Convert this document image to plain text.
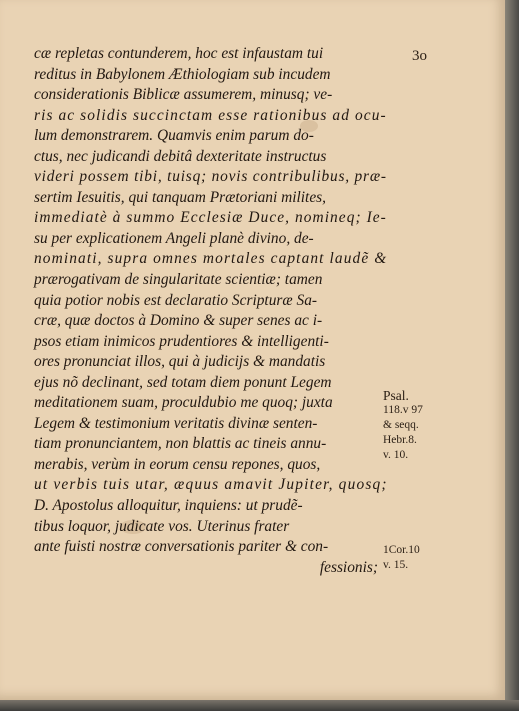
3o
cæ repletas contunderem, hoc est infaustam tui
reditus in Babylonem Æthiologiam sub incudem
considerationis Biblicæ assumerem, minusq; ve-
ris ac solidis succinctam esse rationibus ad ocu-
lum demonstrarem. Quamvis enim parum do-
ctus, nec judicandi debitâ dexteritate instructus
videri possem tibi, tuisq; novis contribulibus, præ-
sertim Iesuitis, qui tanquam Prætoriani milites,
immediatè à summo Ecclesiæ Duce, nomineq; Ie-
su per explicationem Angeli planè divino, de-
nominati, supra omnes mortales captant laudẽ &
prærogativam de singularitate scientiæ; tamen
quia potior nobis est declaratio Scripturæ Sa-
cræ, quæ doctos à Domino & super senes ac i-
psos etiam inimicos prudentiores & intelligenti-
ores pronunciat illos, qui à judicijs & mandatis
ejus nõ declinant, sed totam diem ponunt Legem
meditationem suam, proculdubio me quoq; juxta
Legem & testimonium veritatis divinæ senten-
tiam pronunciantem, non blattis ac tineis annu-
merabis, verùm in eorum censu repones, quos,
ut verbis tuis utar, æquus amavit Jupiter, quosq;
D. Apostolus alloquitur, inquiens: ut prudẽ-
tibus loquor, judicate vos. Uterinus frater
ante fuisti nostræ conversationis pariter & con-
fessionis;
Psal.
118.v 97
& seqq.
Hebr.8.
v. 10.
1Cor.10
v. 15.
